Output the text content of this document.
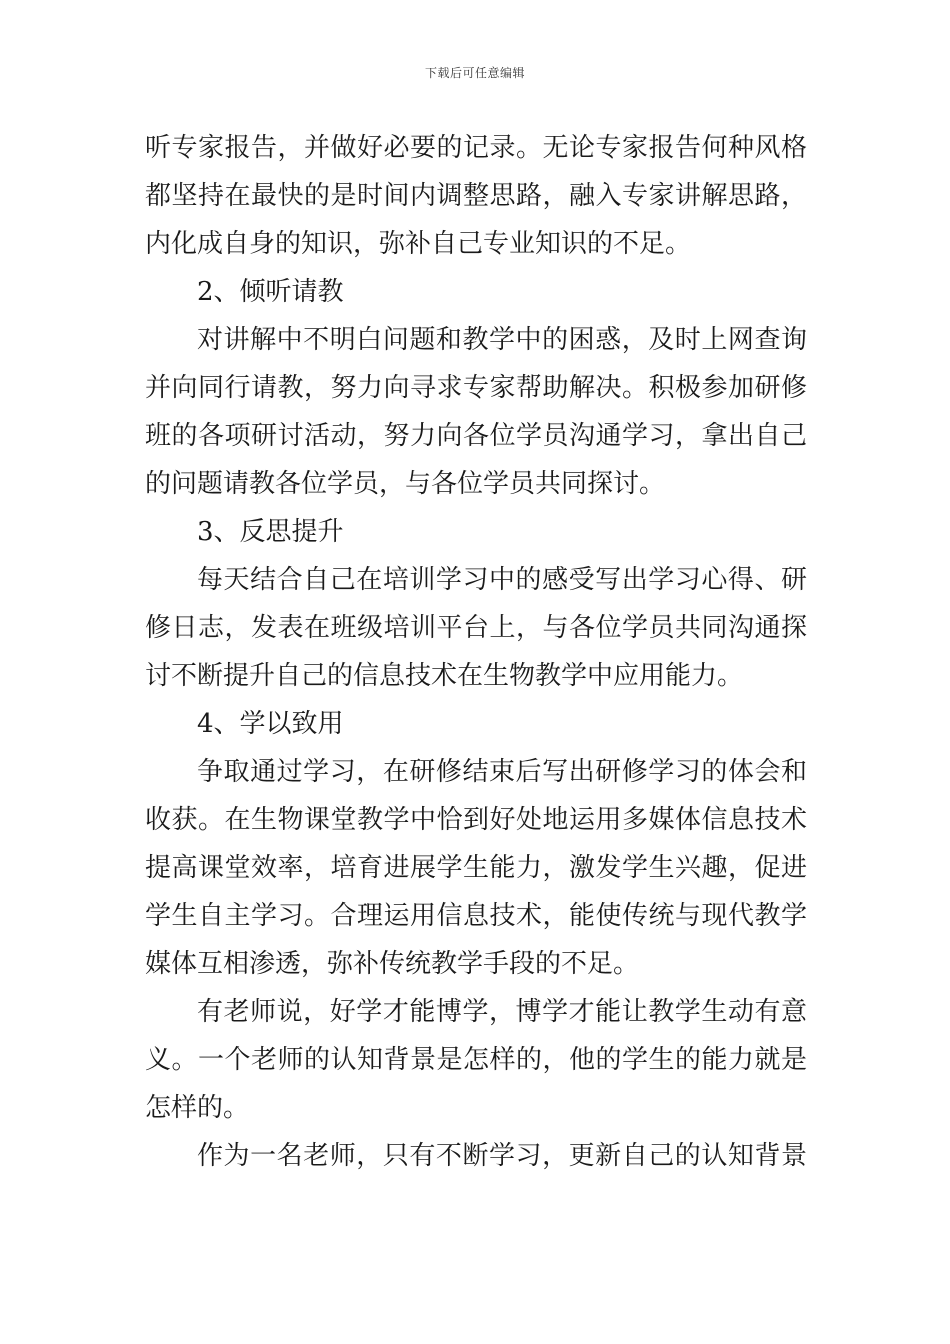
下载后可任意编辑
听专家报告，并做好必要的记录。无论专家报告何种风格
都坚持在最快的是时间内调整思路，融入专家讲解思路，
内化成自身的知识，弥补自己专业知识的不足。
2、倾听请教
对讲解中不明白问题和教学中的困惑，及时上网查询
并向同行请教，努力向寻求专家帮助解决。积极参加研修
班的各项研讨活动，努力向各位学员沟通学习，拿出自己
的问题请教各位学员，与各位学员共同探讨。
3、反思提升
每天结合自己在培训学习中的感受写出学习心得、研
修日志，发表在班级培训平台上，与各位学员共同沟通探
讨不断提升自己的信息技术在生物教学中应用能力。
4、学以致用
争取通过学习，在研修结束后写出研修学习的体会和
收获。在生物课堂教学中恰到好处地运用多媒体信息技术
提高课堂效率，培育进展学生能力，激发学生兴趣，促进
学生自主学习。合理运用信息技术，能使传统与现代教学
媒体互相渗透，弥补传统教学手段的不足。
有老师说，好学才能博学，博学才能让教学生动有意
义。一个老师的认知背景是怎样的，他的学生的能力就是
怎样的。
作为一名老师，只有不断学习，更新自己的认知背景
